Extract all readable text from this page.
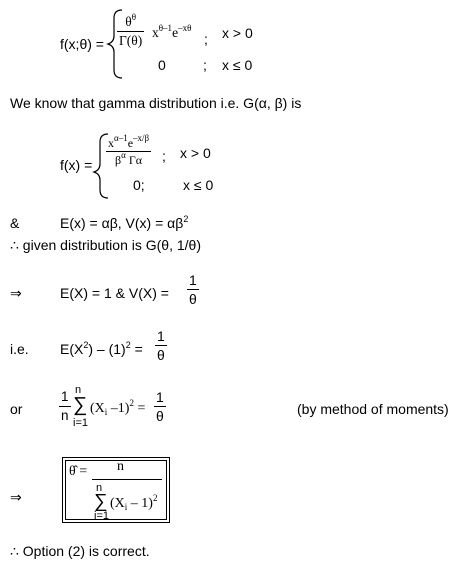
f(x;θ) =
$\theta^\theta$
Γ(θ) $x^{\theta-1}e^{-x\theta}$
; x > 0
0	; x ≤ 0
We know that gamma distribution i.e. G(α, β) is
f(x) =
$x^{\alpha-1}e^{-x/\beta}$
$\beta^\alpha$ Γα ; x > 0
0;	x ≤ 0
&	E(x) = αβ, $V(x) = \alpha\beta^2$
∴ given distribution is G(θ, 1/θ)
⇒	E(X) = 1 & V(X) =
1
θ
i.e. $E(X^2) - (1)^2$ =
1
θ
or
1
n
n
∑
i=1
($X_i$ –1)$^2$ =
1
θ	(by method of moments)
⇒
θ̂ = n
n
∑
i=1
$(X_i - 1)^2$
∴ Option (2) is correct.
